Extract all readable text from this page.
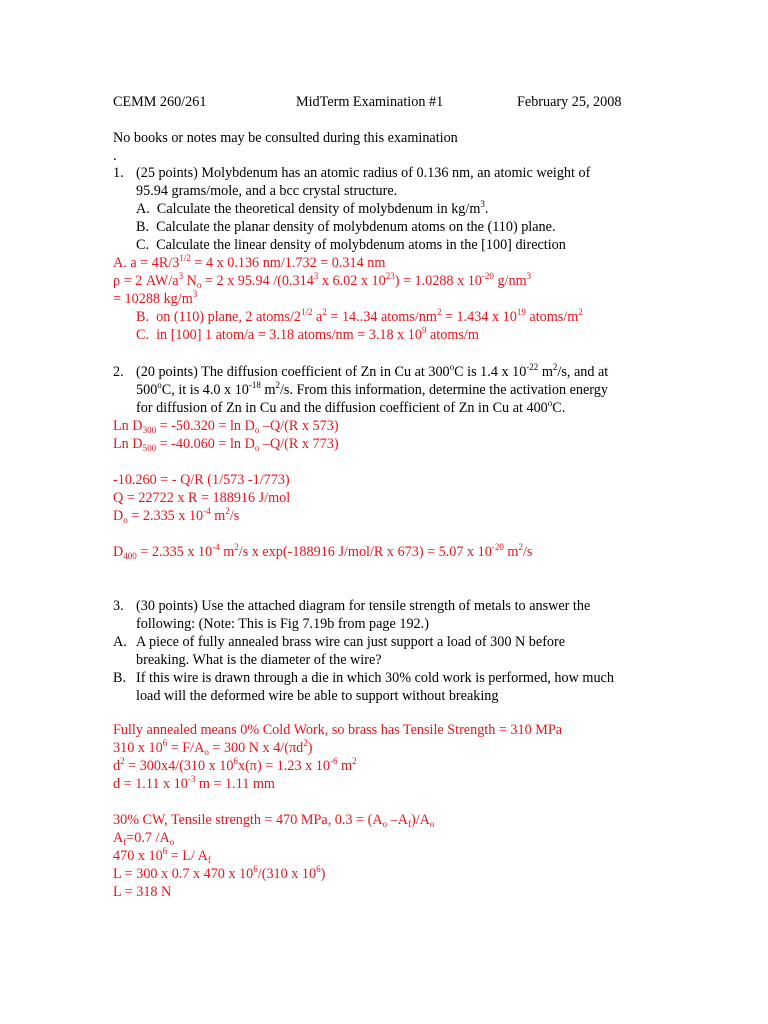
CEMM 260/261	MidTerm Examination #1	February 25, 2008
No books or notes may be consulted during this examination
.
1. (25 points) Molybdenum has an atomic radius of 0.136 nm, an atomic weight of
95.94 grams/mole, and a bcc crystal structure.
A. Calculate the theoretical density of molybdenum in $kg/m^3$.
B. Calculate the planar density of molybdenum atoms on the (110) plane.
C. Calculate the linear density of molybdenum atoms in the [100] direction
A. $a = 4R/3^{1/2} = 4$ x 0.136 nm/1.732 = 0.314 nm
ρ = 2 $AW/a^3$ $N_o = 2$ x 95.94 /(0.314$^3$ x 6.02 x $10^{23}) = 1.0288$ x $10^{-20}$ $g/nm^3$
= 10288 $kg/m^3$
B. on (110) plane, 2 atoms/$2^{1/2}$ $a^2 = 14..34$ atoms/$nm^2 = 1.434$ x $10^{19}$ atoms/$m^2$
C.  in [100] 1 atom/a = 3.18 atoms/nm = 3.18 x $10^9$ atoms/m
2. (20 points) The diffusion coefficient of Zn in Cu at 300$^o$C is 1.4 x $10^{-22}$ $m^2/s$, and at
500$^o$C, it is 4.0 x $10^{-18}$ $m^2/s$. From this information, determine the activation energy
for diffusion of Zn in Cu and the diffusion coefficient of Zn in Cu at 400$^o$C.
Ln $D_{300} = -50.320 = \ln D_o$ –Q/(R x 573)
Ln $D_{500} = -40.060 = \ln D_o$ –Q/(R x 773)
-10.260 = - Q/R (1/573 -1/773)
Q = 22722 x R = 188916 J/mol
$D_o = 2.335$ x $10^{-4}$ $m^2/s$
$D_{400} = 2.335$ x $10^{-4}$ $m^2/s$ x exp(-188916 J/mol/R x 673) = 5.07 x $10^{-20}$ $m^2/s$
3. (30 points) Use the attached diagram for tensile strength of metals to answer the
following: (Note: This is Fig 7.19b from page 192.)
A. A piece of fully annealed brass wire can just support a load of 300 N before
breaking. What is the diameter of the wire?
B. If this wire is drawn through a die in which 30% cold work is performed, how much
load will the deformed wire be able to support without breaking
Fully annealed means 0% Cold Work, so brass has Tensile Strength = 310 MPa
310 x $10^6 = F/A_o = 300$ N x $4/(\pi d^2)$
$d^2 = 300x4/(310$ x $10^6x(\pi) = 1.23$ x $10^{-6}$ $m^2$
d = 1.11 x $10^{-3}$ m = 1.11 mm
30% CW, Tensile strength = 470 MPa, $0.3 = (A_o$ $-A_f)/A_o$
$A_f=0.7$ $/A_o$
470 x $10^6 = L/$ $A_f$
L = 300 x 0.7 x 470 x $10^6/(310$ x $10^6$)
L = 318 N
